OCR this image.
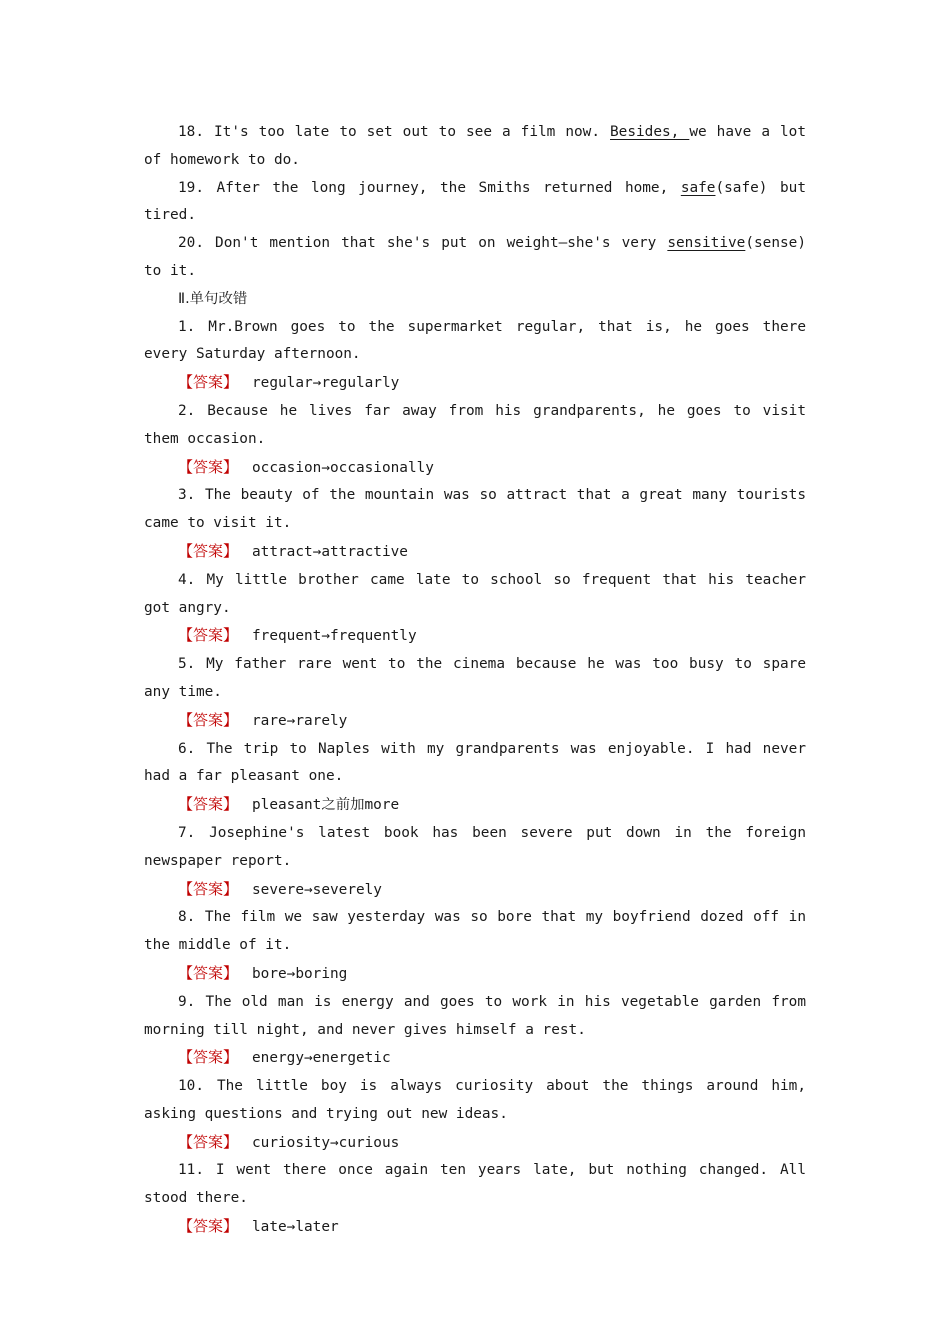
18. It's too late to set out to see a film now. Besides, we have a lot of homework to do.

19. After the long journey, the Smiths returned home, safe(safe) but tired.

20. Don't mention that she's put on weight—she's very sensitive(sense) to it.

Ⅱ.单句改错

1. Mr.Brown goes to the supermarket regular, that is, he goes there every Saturday afternoon.

【答案】 regular→regularly

2. Because he lives far away from his grandparents, he goes to visit them occasion.

【答案】 occasion→occasionally

3. The beauty of the mountain was so attract that a great many tourists came to visit it.

【答案】 attract→attractive

4. My little brother came late to school so frequent that his teacher got angry.

【答案】 frequent→frequently

5. My father rare went to the cinema because he was too busy to spare any time.

【答案】 rare→rarely

6. The trip to Naples with my grandparents was enjoyable. I had never had a far pleasant one.

【答案】 pleasant之前加more

7. Josephine's latest book has been severe put down in the foreign newspaper report.

【答案】 severe→severely

8. The film we saw yesterday was so bore that my boyfriend dozed off in the middle of it.

【答案】 bore→boring

9. The old man is energy and goes to work in his vegetable garden from morning till night, and never gives himself a rest.

【答案】 energy→energetic

10. The little boy is always curiosity about the things around him, asking questions and trying out new ideas.

【答案】 curiosity→curious

11. I went there once again ten years late, but nothing changed. All stood there.

【答案】 late→later
